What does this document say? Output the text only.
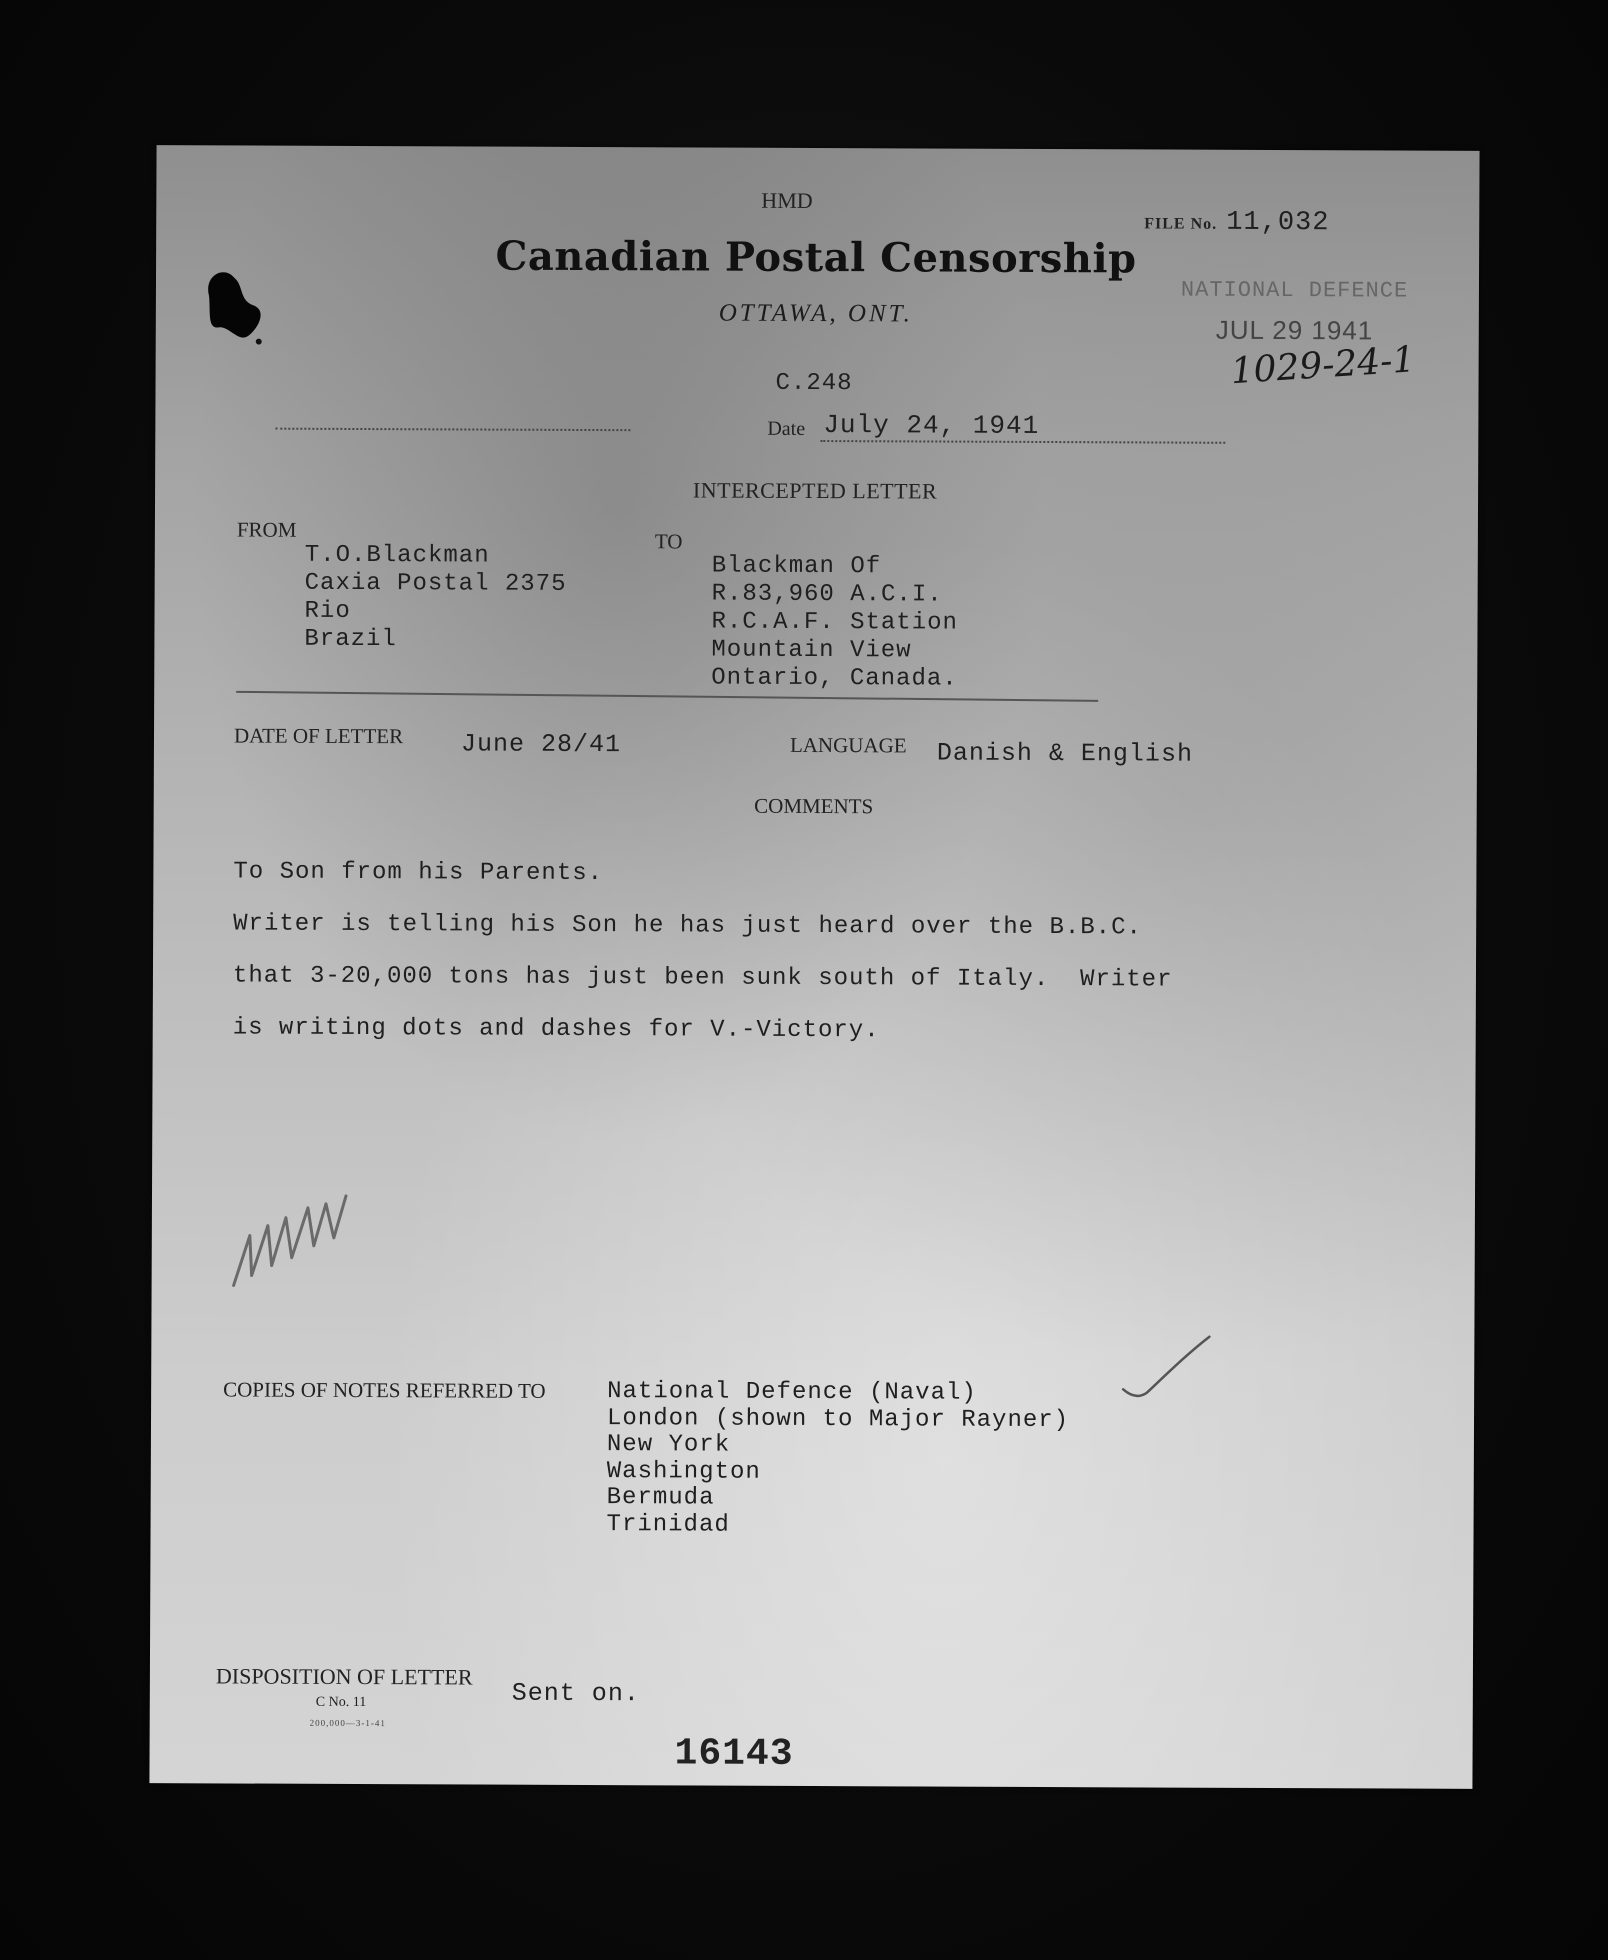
HMD
Canadian Postal Censorship
OTTAWA, ONT.
C.248
FILE No. 11,032
NATIONAL DEFENCE
JUL 29 1941
1029-24-1
Date July 24, 1941
INTERCEPTED LETTER
FROM
T.O.Blackman
Caxia Postal 2375
Rio
Brazil
TO
Blackman Of
R.83,960 A.C.I.
R.C.A.F. Station
Mountain View
Ontario, Canada.
DATE OF LETTER June 28/41	LANGUAGE Danish & English
COMMENTS
To Son from his Parents.
Writer is telling his Son he has just heard over the B.B.C.
that 3-20,000 tons has just been sunk south of Italy.  Writer
is writing dots and dashes for V.-Victory.
COPIES OF NOTES REFERRED TO	National Defence (Naval)
London (shown to Major Rayner)
New York
Washington
Bermuda
Trinidad
DISPOSITION OF LETTER
C No. 11
200,000—3-1-41
Sent on.
16143
